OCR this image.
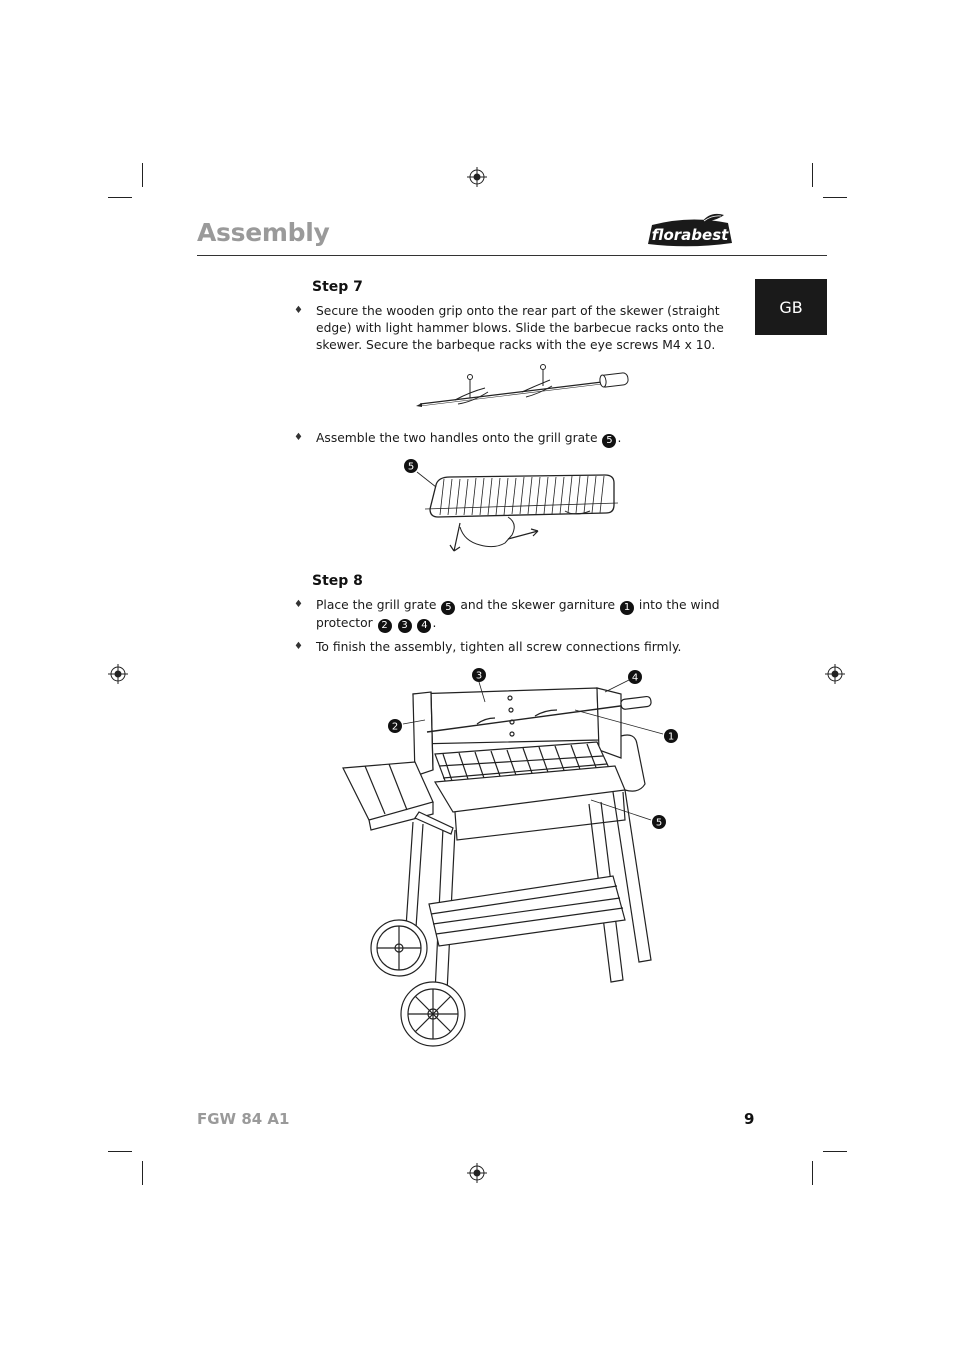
Assembly	florabest
GB
Step 7
♦ Secure the wooden grip onto the rear part of the skewer (straight edge) with light hammer blows. Slide the barbecue racks onto the skewer. Secure the barbeque racks with the eye screws M4 x 10.
♦ Assemble the two handles onto the grill grate 5 .
5
Step 8
♦ Place the grill grate 5 and the skewer garniture 1 into the wind protector 2 3 4 .
♦ To finish the assembly, tighten all screw connections firmly.
3
2
4
1
5
FGW 84 A1	9
